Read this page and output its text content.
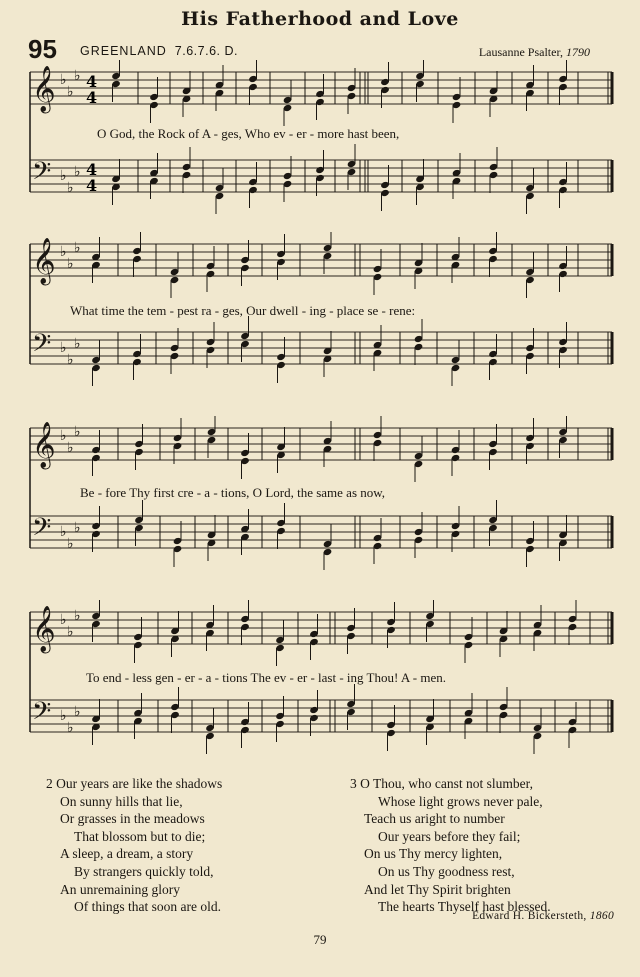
His Fatherhood and Love
95 GREENLAND 7.6.7.6. D.	Lausanne Psalter, 1790
𝄞 ♭
♭
♭ 4
4
𝄢 ♭
♭
♭ 4
4
O God, the Rock of A - ges, Who ev - er - more hast been,
𝄞 ♭
♭
♭
𝄢 ♭
♭
♭
What time the tem - pest ra - ges, Our dwell - ing - place se - rene:
𝄞 ♭
♭
♭
𝄢 ♭
♭
♭
Be - fore Thy first cre - a - tions, O Lord, the same as now,
𝄞 ♭
♭
♭
𝄢 ♭
♭
♭
To end - less gen - er - a - tions The ev - er - last - ing Thou! A - men.
2 Our years are like the shadows
On sunny hills that lie,
Or grasses in the meadows
That blossom but to die;
A sleep, a dream, a story
By strangers quickly told,
An unremaining glory
Of things that soon are old.
3 O Thou, who canst not slumber,
Whose light grows never pale,
Teach us aright to number
Our years before they fail;
On us Thy mercy lighten,
On us Thy goodness rest,
And let Thy Spirit brighten
The hearts Thyself hast blessed.
Edward H. Bickersteth, 1860
79
